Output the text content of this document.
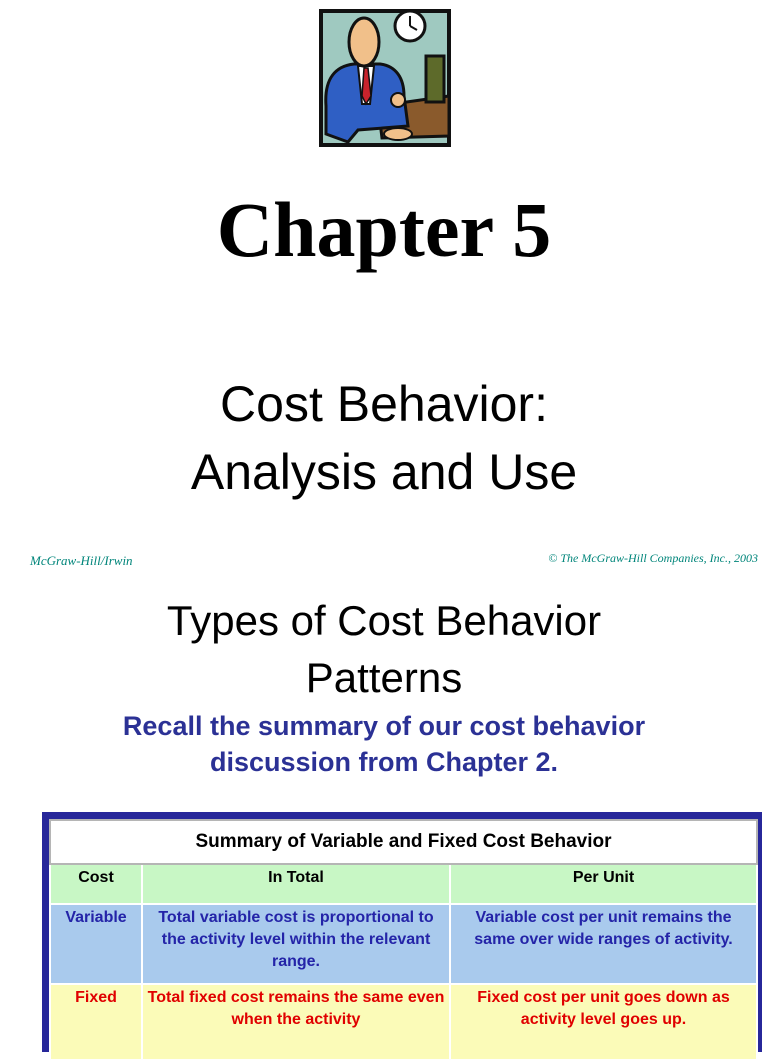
Chapter 5
Cost Behavior:
Analysis and Use
McGraw-Hill/Irwin	© The McGraw-Hill Companies, Inc., 2003
Types of Cost Behavior
Patterns
Recall the summary of our cost behavior
discussion from Chapter 2.
Summary of Variable and Fixed Cost Behavior		
Cost	In Total	Per Unit
Variable	Total variable cost is proportional to the activity level within the relevant range.	Variable cost per unit remains the same over wide ranges of activity.
Fixed	Total fixed cost remains the same even when the activity	Fixed cost per unit goes down as activity level goes up.
